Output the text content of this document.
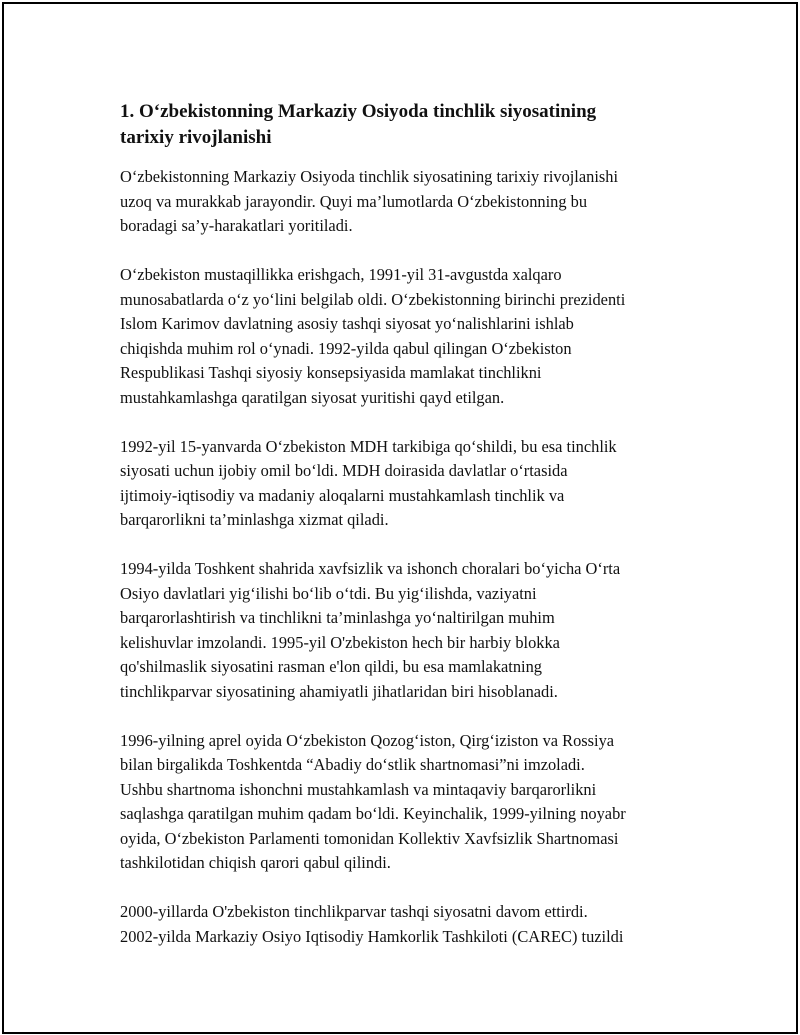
1. O‘zbekistonning Markaziy Osiyoda tinchlik siyosatining
tarixiy rivojlanishi

O‘zbekistonning Markaziy Osiyoda tinchlik siyosatining tarixiy rivojlanishi
uzoq va murakkab jarayondir. Quyi ma’lumotlarda O‘zbekistonning bu
boradagi sa’y-harakatlari yoritiladi.

O‘zbekiston mustaqillikka erishgach, 1991-yil 31-avgustda xalqaro
munosabatlarda o‘z yo‘lini belgilab oldi. O‘zbekistonning birinchi prezidenti
Islom Karimov davlatning asosiy tashqi siyosat yo‘nalishlarini ishlab
chiqishda muhim rol o‘ynadi. 1992-yilda qabul qilingan O‘zbekiston
Respublikasi Tashqi siyosiy konsepsiyasida mamlakat tinchlikni
mustahkamlashga qaratilgan siyosat yuritishi qayd etilgan.

1992-yil 15-yanvarda O‘zbekiston MDH tarkibiga qo‘shildi, bu esa tinchlik
siyosati uchun ijobiy omil bo‘ldi. MDH doirasida davlatlar o‘rtasida
ijtimoiy-iqtisodiy va madaniy aloqalarni mustahkamlash tinchlik va
barqarorlikni ta’minlashga xizmat qiladi.

1994-yilda Toshkent shahrida xavfsizlik va ishonch choralari bo‘yicha O‘rta
Osiyo davlatlari yig‘ilishi bo‘lib o‘tdi. Bu yig‘ilishda, vaziyatni
barqarorlashtirish va tinchlikni ta’minlashga yo‘naltirilgan muhim
kelishuvlar imzolandi. 1995-yil O'zbekiston hech bir harbiy blokka
qo'shilmaslik siyosatini rasman e'lon qildi, bu esa mamlakatning
tinchlikparvar siyosatining ahamiyatli jihatlaridan biri hisoblanadi.

1996-yilning aprel oyida O‘zbekiston Qozog‘iston, Qirg‘iziston va Rossiya
bilan birgalikda Toshkentda “Abadiy do‘stlik shartnomasi”ni imzoladi.
Ushbu shartnoma ishonchni mustahkamlash va mintaqaviy barqarorlikni
saqlashga qaratilgan muhim qadam bo‘ldi. Keyinchalik, 1999-yilning noyabr
oyida, O‘zbekiston Parlamenti tomonidan Kollektiv Xavfsizlik Shartnomasi
tashkilotidan chiqish qarori qabul qilindi.

2000-yillarda O'zbekiston tinchlikparvar tashqi siyosatni davom ettirdi.
2002-yilda Markaziy Osiyo Iqtisodiy Hamkorlik Tashkiloti (CAREC) tuzildi
